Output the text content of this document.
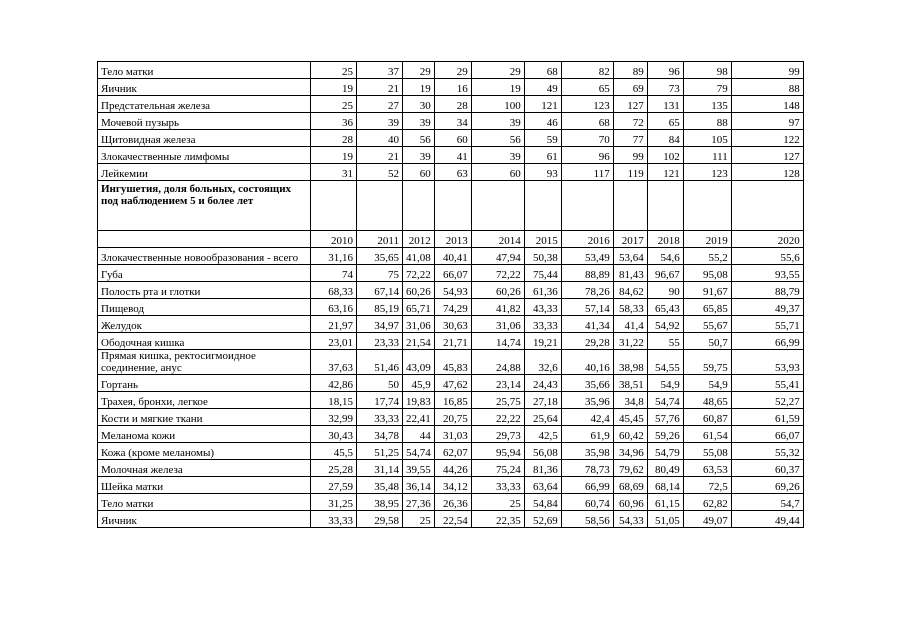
Тело матки	25	37	29	29	29	68	82	89	96	98	99
Яичник	19	21	19	16	19	49	65	69	73	79	88
Предстательная железа	25	27	30	28	100	121	123	127	131	135	148
Мочевой пузырь	36	39	39	34	39	46	68	72	65	88	97
Щитовидная железа	28	40	56	60	56	59	70	77	84	105	122
Злокачественные лимфомы	19	21	39	41	39	61	96	99	102	111	127
Лейкемии	31	52	60	63	60	93	117	119	121	123	128
Ингушетия, доля больных, состоящих под наблюдением 5 и более лет											
	2010	2011	2012	2013	2014	2015	2016	2017	2018	2019	2020
Злокачественные новообразования - всего	31,16	35,65	41,08	40,41	47,94	50,38	53,49	53,64	54,6	55,2	55,6
Губа	74	75	72,22	66,07	72,22	75,44	88,89	81,43	96,67	95,08	93,55
Полость рта и глотки	68,33	67,14	60,26	54,93	60,26	61,36	78,26	84,62	90	91,67	88,79
Пищевод	63,16	85,19	65,71	74,29	41,82	43,33	57,14	58,33	65,43	65,85	49,37
Желудок	21,97	34,97	31,06	30,63	31,06	33,33	41,34	41,4	54,92	55,67	55,71
Ободочная кишка	23,01	23,33	21,54	21,71	14,74	19,21	29,28	31,22	55	50,7	66,99
Прямая кишка, ректосигмоидное соединение, анус	37,63	51,46	43,09	45,83	24,88	32,6	40,16	38,98	54,55	59,75	53,93
Гортань	42,86	50	45,9	47,62	23,14	24,43	35,66	38,51	54,9	54,9	55,41
Трахея, бронхи, легкое	18,15	17,74	19,83	16,85	25,75	27,18	35,96	34,8	54,74	48,65	52,27
Кости и мягкие ткани	32,99	33,33	22,41	20,75	22,22	25,64	42,4	45,45	57,76	60,87	61,59
Меланома кожи	30,43	34,78	44	31,03	29,73	42,5	61,9	60,42	59,26	61,54	66,07
Кожа (кроме меланомы)	45,5	51,25	54,74	62,07	95,94	56,08	35,98	34,96	54,79	55,08	55,32
Молочная железа	25,28	31,14	39,55	44,26	75,24	81,36	78,73	79,62	80,49	63,53	60,37
Шейка матки	27,59	35,48	36,14	34,12	33,33	63,64	66,99	68,69	68,14	72,5	69,26
Тело матки	31,25	38,95	27,36	26,36	25	54,84	60,74	60,96	61,15	62,82	54,7
Яичник	33,33	29,58	25	22,54	22,35	52,69	58,56	54,33	51,05	49,07	49,44
